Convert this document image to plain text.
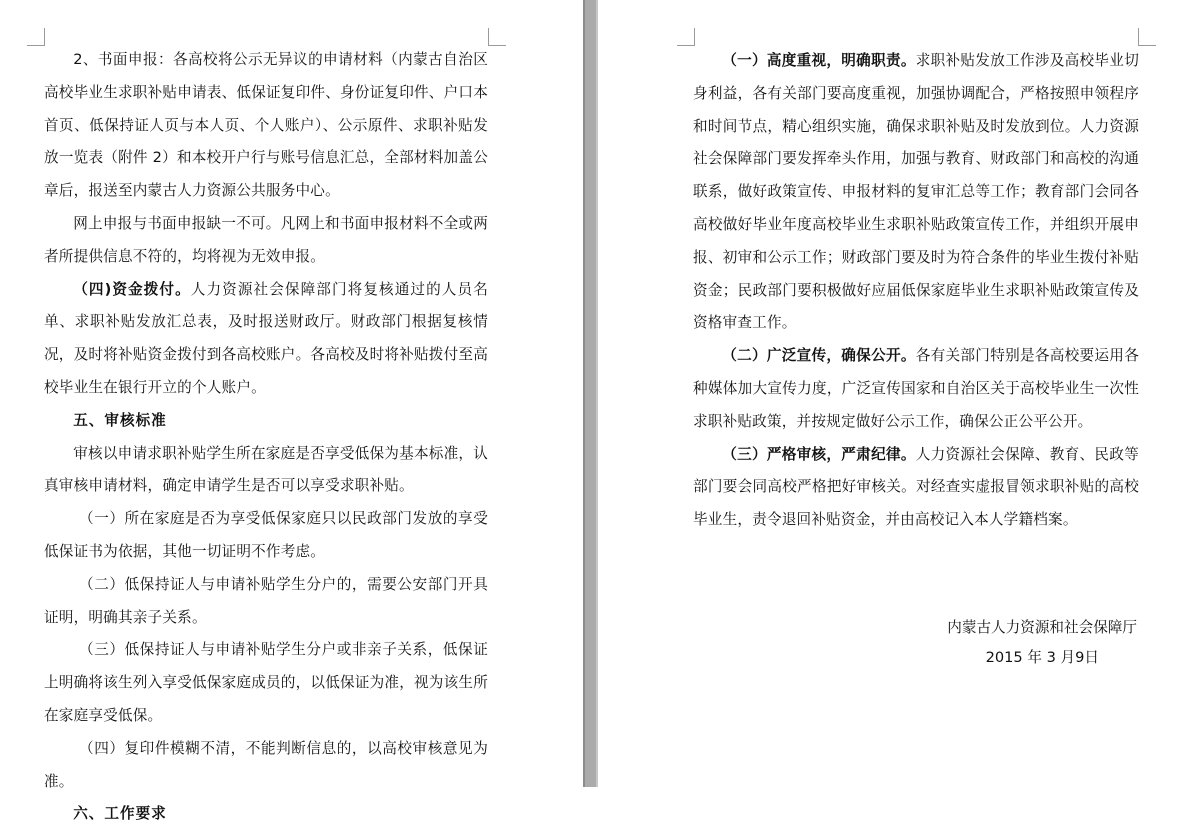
2、书面申报：各高校将公示无异议的申请材料（内蒙古自治区高校毕业生求职补贴申请表、低保证复印件、身份证复印件、户口本首页、低保持证人页与本人页、个人账户）、公示原件、求职补贴发放一览表（附件 2）和本校开户行与账号信息汇总，全部材料加盖公章后，报送至内蒙古人力资源公共服务中心。

网上申报与书面申报缺一不可。凡网上和书面申报材料不全或两者所提供信息不符的，均将视为无效申报。

（四)资金拨付。人力资源社会保障部门将复核通过的人员名单、求职补贴发放汇总表，及时报送财政厅。财政部门根据复核情况，及时将补贴资金拨付到各高校账户。各高校及时将补贴拨付至高校毕业生在银行开立的个人账户。

五、审核标准

审核以申请求职补贴学生所在家庭是否享受低保为基本标准，认真审核申请材料，确定申请学生是否可以享受求职补贴。

（一）所在家庭是否为享受低保家庭只以民政部门发放的享受低保证书为依据，其他一切证明不作考虑。

（二）低保持证人与申请补贴学生分户的，需要公安部门开具证明，明确其亲子关系。

（三）低保持证人与申请补贴学生分户或非亲子关系，低保证上明确将该生列入享受低保家庭成员的，以低保证为准，视为该生所在家庭享受低保。

（四）复印件模糊不清，不能判断信息的，以高校审核意见为准。

六、工作要求

（一）高度重视，明确职责。求职补贴发放工作涉及高校毕业切身利益，各有关部门要高度重视，加强协调配合，严格按照申领程序和时间节点，精心组织实施，确保求职补贴及时发放到位。人力资源社会保障部门要发挥牵头作用，加强与教育、财政部门和高校的沟通联系，做好政策宣传、申报材料的复审汇总等工作；教育部门会同各高校做好毕业年度高校毕业生求职补贴政策宣传工作，并组织开展申报、初审和公示工作；财政部门要及时为符合条件的毕业生拨付补贴资金；民政部门要积极做好应届低保家庭毕业生求职补贴政策宣传及资格审查工作。

（二）广泛宣传，确保公开。各有关部门特别是各高校要运用各种媒体加大宣传力度，广泛宣传国家和自治区关于高校毕业生一次性求职补贴政策，并按规定做好公示工作，确保公正公平公开。

（三）严格审核，严肃纪律。人力资源社会保障、教育、民政等部门要会同高校严格把好审核关。对经查实虚报冒领求职补贴的高校毕业生，责令退回补贴资金，并由高校记入本人学籍档案。

内蒙古人力资源和社会保障厅
2015 年 3 月9日
